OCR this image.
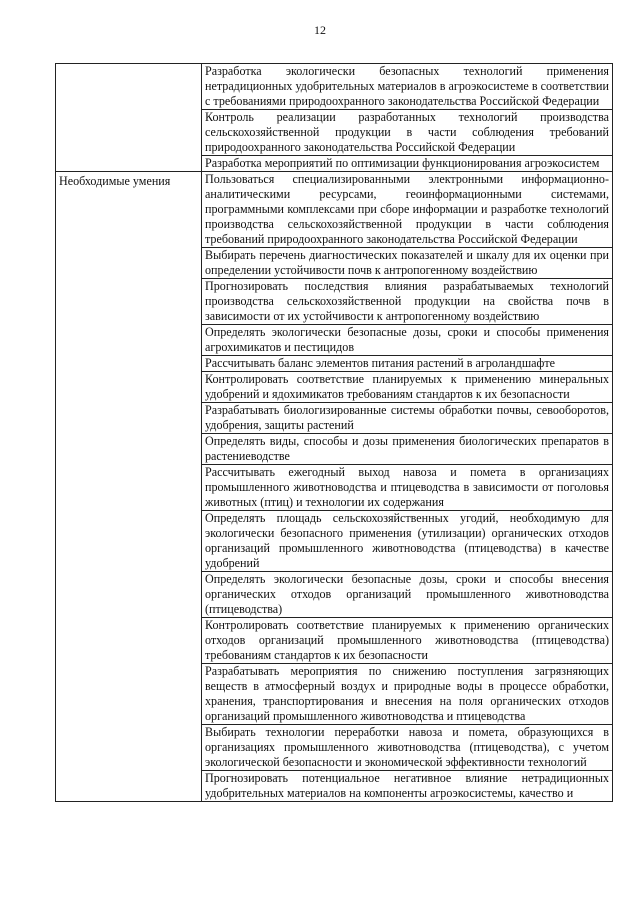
12
	Разработка экологически безопасных технологий применения нетрадиционных удобрительных материалов в агроэкосистеме в соответствии с требованиями природоохранного законодательства Российской Федерации
	Контроль реализации разработанных технологий производства сельскохозяйственной продукции в части соблюдения требований природоохранного законодательства Российской Федерации
	Разработка мероприятий по оптимизации функционирования агроэкосистем

Необходимые умения	Пользоваться специализированными электронными информационно-аналитическими ресурсами, геоинформационными системами, программными комплексами при сборе информации и разработке технологий производства сельскохозяйственной продукции в части соблюдения требований природоохранного законодательства Российской Федерации
	Выбирать перечень диагностических показателей и шкалу для их оценки при определении устойчивости почв к антропогенному воздействию
	Прогнозировать последствия влияния разрабатываемых технологий производства сельскохозяйственной продукции на свойства почв в зависимости от их устойчивости к антропогенному воздействию
	Определять экологически безопасные дозы, сроки и способы применения агрохимикатов и пестицидов
	Рассчитывать баланс элементов питания растений в агроландшафте
	Контролировать соответствие планируемых к применению минеральных удобрений и ядохимикатов требованиям стандартов к их безопасности
	Разрабатывать биологизированные системы обработки почвы, севооборотов, удобрения, защиты растений
	Определять виды, способы и дозы применения биологических препаратов в растениеводстве
	Рассчитывать ежегодный выход навоза и помета в организациях промышленного животноводства и птицеводства в зависимости от поголовья животных (птиц) и технологии их содержания
	Определять площадь сельскохозяйственных угодий, необходимую для экологически безопасного применения (утилизации) органических отходов организаций промышленного животноводства (птицеводства) в качестве удобрений
	Определять экологически безопасные дозы, сроки и способы внесения органических отходов организаций промышленного животноводства (птицеводства)
	Контролировать соответствие планируемых к применению органических отходов организаций промышленного животноводства (птицеводства) требованиям стандартов к их безопасности
	Разрабатывать мероприятия по снижению поступления загрязняющих веществ в атмосферный воздух и природные воды в процессе обработки, хранения, транспортирования и внесения на поля органических отходов организаций промышленного животноводства и птицеводства
	Выбирать технологии переработки навоза и помета, образующихся в организациях промышленного животноводства (птицеводства), с учетом экологической безопасности и экономической эффективности технологий
	Прогнозировать потенциальное негативное влияние нетрадиционных удобрительных материалов на компоненты агроэкосистемы, качество и
